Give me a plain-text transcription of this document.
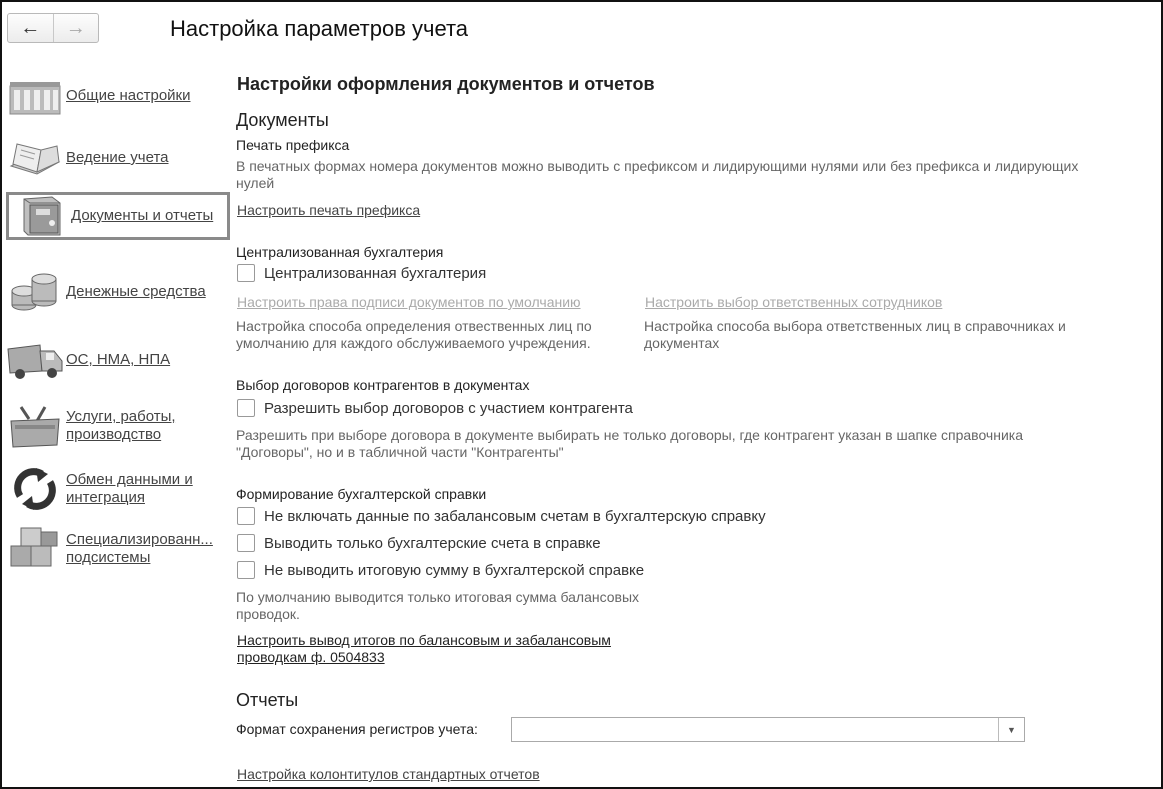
←	→	Настройка параметров учета
Общие настройки
Ведение учета
Документы и отчеты
Денежные средства
ОС, НМА, НПА
Услуги, работы,
производство
Обмен данными и
интеграция
Специализированн...
подсистемы
Настройки оформления документов и отчетов
Документы
Печать префикса
В печатных формах номера документов можно выводить с префиксом и лидирующими нулями или без префикса и лидирующих
нулей
Настроить печать префикса
Централизованная бухгалтерия
Централизованная бухгалтерия
Настроить права подписи документов по умолчанию	Настроить выбор ответственных сотрудников
Настройка способа определения отвественных лиц по
умолчанию для каждого обслуживаемого учреждения.
Настройка способа выбора ответственных лиц в справочниках и
документах
Выбор договоров контрагентов в документах
Разрешить выбор договоров с участием контрагента
Разрешить при выборе договора в документе выбирать не только договоры, где контрагент указан в шапке справочника
"Договоры", но и в табличной части "Контрагенты"
Формирование бухгалтерской справки
Не включать данные по забалансовым счетам в бухгалтерскую справку
Выводить только бухгалтерские счета в справке
Не выводить итоговую сумму в бухгалтерской справке
По умолчанию выводится только итоговая сумма балансовых
проводок.
Настроить вывод итогов по балансовым и забалансовым
проводкам ф. 0504833
Отчеты
Формат сохранения регистров учета:	▼
Настройка колонтитулов стандартных отчетов
